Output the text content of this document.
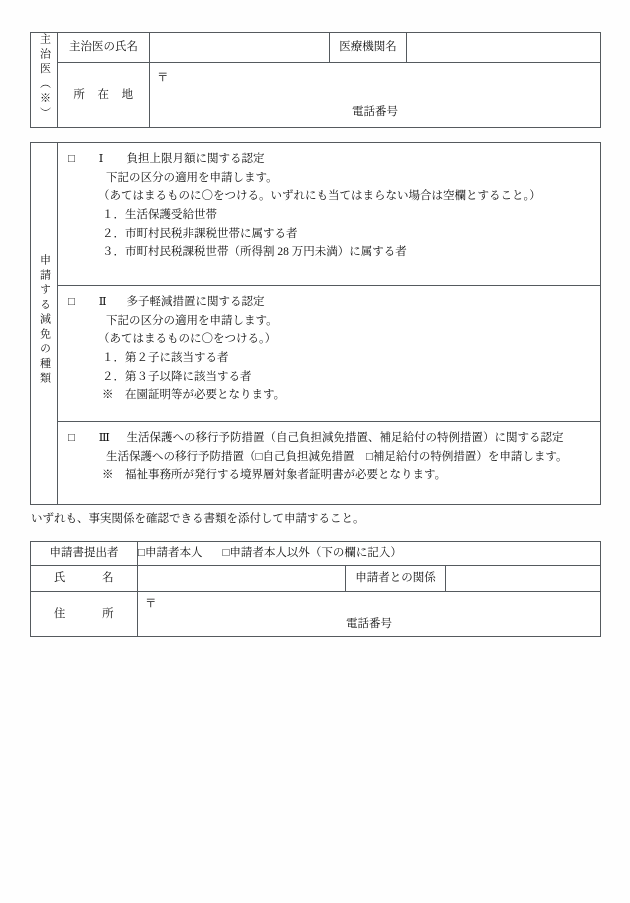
主治医（※）	主治医の氏名		医療機関名	
	所　在　地	〒
電話番号		
申請する減免の種類	
□ Ⅰ 負担上限月額に関する認定
下記の区分の適用を申請します。
（あてはまるものに〇をつける。いずれにも当てはまらない場合は空欄とすること。）
１．生活保護受給世帯
２．市町村民税非課税世帯に属する者
３．市町村民税課税世帯（所得割 28 万円未満）に属する者

□ Ⅱ 多子軽減措置に関する認定
下記の区分の適用を申請します。
（あてはまるものに〇をつける。）
１．第２子に該当する者
２．第３子以降に該当する者
※　在園証明等が必要となります。

□ Ⅲ 生活保護への移行予防措置（自己負担減免措置、補足給付の特例措置）に関する認定
生活保護への移行予防措置（□自己負担減免措置　□補足給付の特例措置）を申請します。
※　福祉事務所が発行する境界層対象者証明書が必要となります。
いずれも、事実関係を確認できる書類を添付して申請すること。
申請書提出者	□申請者本人 □申請者本人以外（下の欄に記入）		
氏　　　名		申請者との関係	
住　　　所	〒
電話番号		
